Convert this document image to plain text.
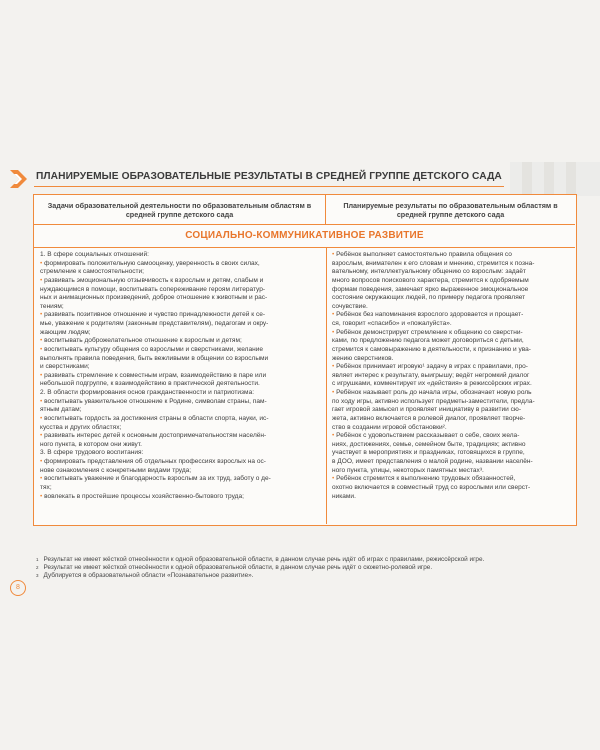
ПЛАНИРУЕМЫЕ ОБРАЗОВАТЕЛЬНЫЕ РЕЗУЛЬТАТЫ В СРЕДНЕЙ ГРУППЕ ДЕТСКОГО САДА
Задачи образовательной деятельности по образовательным областям в средней группе детского сада
Планируемые результаты по образовательным областям в средней группе детского сада
СОЦИАЛЬНО-КОММУНИКАТИВНОЕ РАЗВИТИЕ

1. В сфере социальных отношений:

• формировать положительную самооценку, уверенность в своих силах,

стремление к самостоятельности;

• развивать эмоциональную отзывчивость к взрослым и детям, слабым и

нуждающимся в помощи, воспитывать сопереживание героям литератур-

ных и анимационных произведений, доброе отношение к животным и рас-

тениям;

• развивать позитивное отношение и чувство принадлежности детей к се-

мье, уважение к родителям (законным представителям), педагогам и окру-

жающим людям;

• воспитывать доброжелательное отношение к взрослым и детям;

• воспитывать культуру общения со взрослыми и сверстниками, желание

выполнять правила поведения, быть вежливыми в общении со взрослыми

и сверстниками;

• развивать стремление к совместным играм, взаимодействию в паре или

небольшой подгруппе, к взаимодействию в практической деятельности.

2. В области формирования основ гражданственности и патриотизма:

• воспитывать уважительное отношение к Родине, символам страны, пам-

ятным датам;

• воспитывать гордость за достижения страны в области спорта, науки, ис-

кусства и других областях;

• развивать интерес детей к основным достопримечательностям населён-

ного пункта, в котором они живут.

3. В сфере трудового воспитания:

• формировать представления об отдельных профессиях взрослых на ос-

нове ознакомления с конкретными видами труда;

• воспитывать уважение и благодарность взрослым за их труд, заботу о де-

тях;

• вовлекать в простейшие процессы хозяйственно-бытового труда;

• Ребёнок выполняет самостоятельно правила общения со

взрослым, внимателен к его словам и мнению, стремится к позна-

вательному, интеллектуальному общению со взрослым: задаёт

много вопросов поискового характера, стремится к одобряемым

формам поведения, замечает ярко выраженное эмоциональное

состояние окружающих людей, по примеру педагога проявляет

сочувствие.

• Ребёнок без напоминания взрослого здоровается и прощает-

ся, говорит «спасибо» и «пожалуйста».

• Ребёнок демонстрирует стремление к общению со сверстни-

ками, по предложению педагога может договориться с детьми,

стремится к самовыражению в деятельности, к признанию и ува-

жению сверстников.

• Ребёнок принимает игровую¹ задачу в играх с правилами, про-

являет интерес к результату, выигрышу; ведёт негромкий диалог

с игрушками, комментирует их «действия» в режиссёрских играх.

• Ребёнок называет роль до начала игры, обозначает новую роль

по ходу игры, активно использует предметы-заместители, предла-

гает игровой замысел и проявляет инициативу в развитии сю-

жета, активно включается в ролевой диалог, проявляет творче-

ство в создании игровой обстановки².

• Ребёнок с удовольствием рассказывает о себе, своих жела-

ниях, достижениях, семье, семейном быте, традициях; активно

участвует в мероприятиях и праздниках, готовящихся в группе,

в ДОО, имеет представления о малой родине, названии населён-

ного пункта, улицы, некоторых памятных местах³.

• Ребёнок стремится к выполнению трудовых обязанностей,

охотно включается в совместный труд со взрослыми или сверст-

никами.

$^1$ Результат не имеет жёсткой отнесённости к одной образовательной области, в данном случае речь идёт об играх с правилами, режиссёрской игре.

$^2$ Результат не имеет жёсткой отнесённости к одной образовательной области, в данном случае речь идёт о сюжетно-ролевой игре.

$^3$ Дублируется в образовательной области «Познавательное развитие».

8
